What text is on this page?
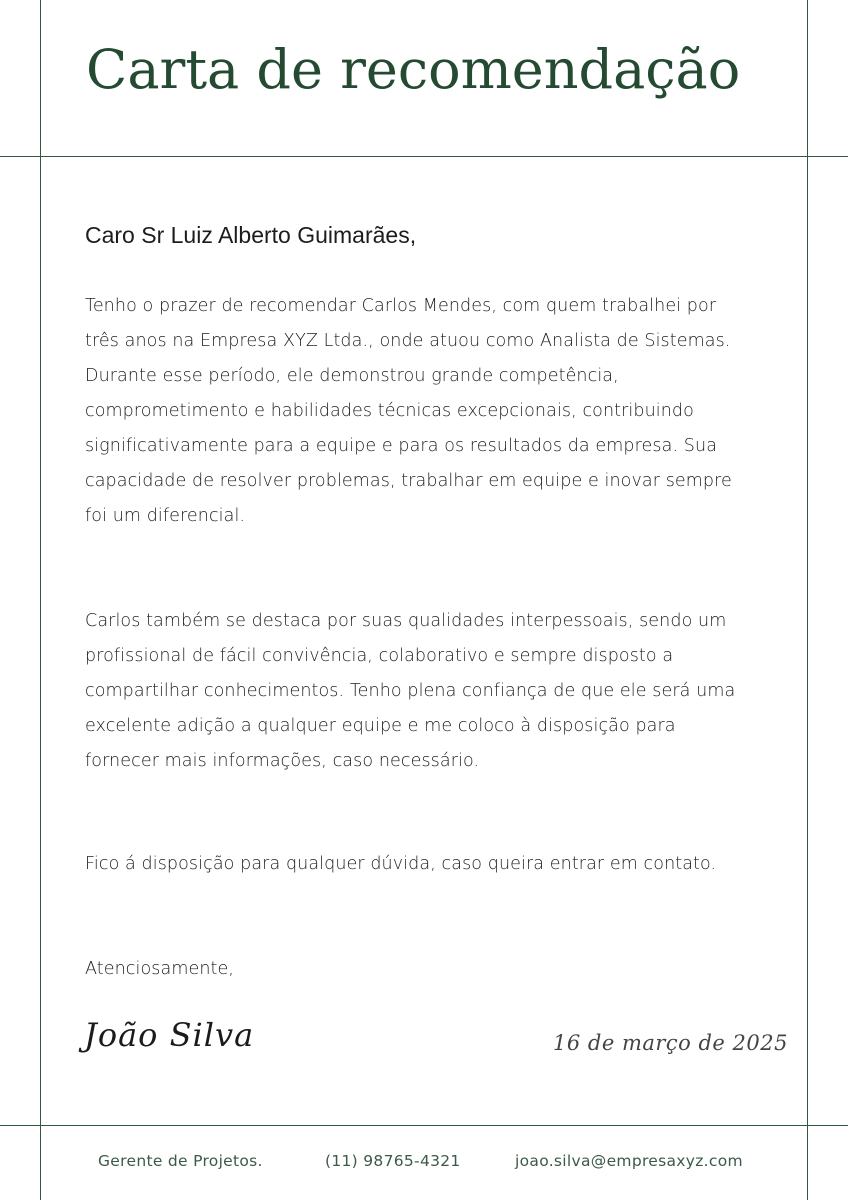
Carta de recomendação

Caro Sr Luiz Alberto Guimarães,

Tenho o prazer de recomendar Carlos Mendes, com quem trabalhei por três anos na Empresa XYZ Ltda., onde atuou como Analista de Sistemas. Durante esse período, ele demonstrou grande competência, comprometimento e habilidades técnicas excepcionais, contribuindo significativamente para a equipe e para os resultados da empresa. Sua capacidade de resolver problemas, trabalhar em equipe e inovar sempre foi um diferencial.

Carlos também se destaca por suas qualidades interpessoais, sendo um profissional de fácil convivência, colaborativo e sempre disposto a compartilhar conhecimentos. Tenho plena confiança de que ele será uma excelente adição a qualquer equipe e me coloco à disposição para fornecer mais informações, caso necessário.

Fico á disposição para qualquer dúvida, caso queira entrar em contato.

Atenciosamente,

João Silva	16 de março de 2025
Gerente de Projetos.	(11) 98765-4321	joao.silva@empresaxyz.com
